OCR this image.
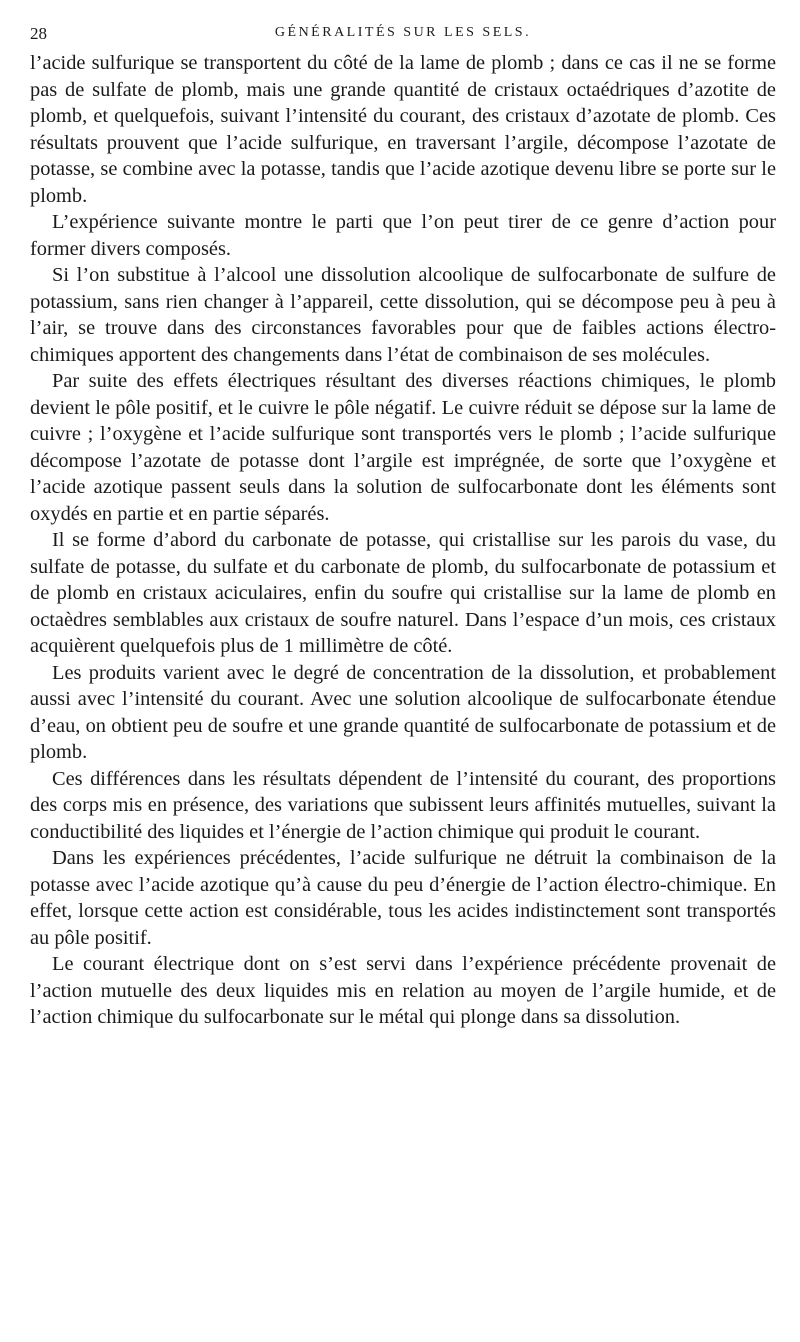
28	GÉNÉRALITÉS SUR LES SELS.

l’acide sulfurique se transportent du côté de la lame de plomb ; dans ce cas il ne se forme pas de sulfate de plomb, mais une grande quantité de cristaux octaédriques d’azotite de plomb, et quelquefois, suivant l’intensité du courant, des cristaux d’azotate de plomb. Ces résultats prouvent que l’acide sulfurique, en traversant l’argile, décompose l’azotate de potasse, se combine avec la potasse, tandis que l’acide azotique devenu libre se porte sur le plomb.

L’expérience suivante montre le parti que l’on peut tirer de ce genre d’action pour former divers composés.

Si l’on substitue à l’alcool une dissolution alcoolique de sulfocarbonate de sulfure de potassium, sans rien changer à l’appareil, cette dissolution, qui se décompose peu à peu à l’air, se trouve dans des circonstances favorables pour que de faibles actions électro-chimiques apportent des changements dans l’état de combinaison de ses molécules.

Par suite des effets électriques résultant des diverses réactions chimiques, le plomb devient le pôle positif, et le cuivre le pôle négatif. Le cuivre réduit se dépose sur la lame de cuivre ; l’oxygène et l’acide sulfurique sont transportés vers le plomb ; l’acide sulfurique décompose l’azotate de potasse dont l’argile est imprégnée, de sorte que l’oxygène et l’acide azotique passent seuls dans la solution de sulfocarbonate dont les éléments sont oxydés en partie et en partie séparés.

Il se forme d’abord du carbonate de potasse, qui cristallise sur les parois du vase, du sulfate de potasse, du sulfate et du carbonate de plomb, du sulfocarbonate de potassium et de plomb en cristaux aciculaires, enfin du soufre qui cristallise sur la lame de plomb en octaèdres semblables aux cristaux de soufre naturel. Dans l’espace d’un mois, ces cristaux acquièrent quelquefois plus de 1 millimètre de côté.

Les produits varient avec le degré de concentration de la dissolution, et probablement aussi avec l’intensité du courant. Avec une solution alcoolique de sulfocarbonate étendue d’eau, on obtient peu de soufre et une grande quantité de sulfocarbonate de potassium et de plomb.

Ces différences dans les résultats dépendent de l’intensité du courant, des proportions des corps mis en présence, des variations que subissent leurs affinités mutuelles, suivant la conductibilité des liquides et l’énergie de l’action chimique qui produit le courant.

Dans les expériences précédentes, l’acide sulfurique ne détruit la combinaison de la potasse avec l’acide azotique qu’à cause du peu d’énergie de l’action électro-chimique. En effet, lorsque cette action est considérable, tous les acides indistinctement sont transportés au pôle positif.

Le courant électrique dont on s’est servi dans l’expérience précédente provenait de l’action mutuelle des deux liquides mis en relation au moyen de l’argile humide, et de l’action chimique du sulfocarbonate sur le métal qui plonge dans sa dissolution.
